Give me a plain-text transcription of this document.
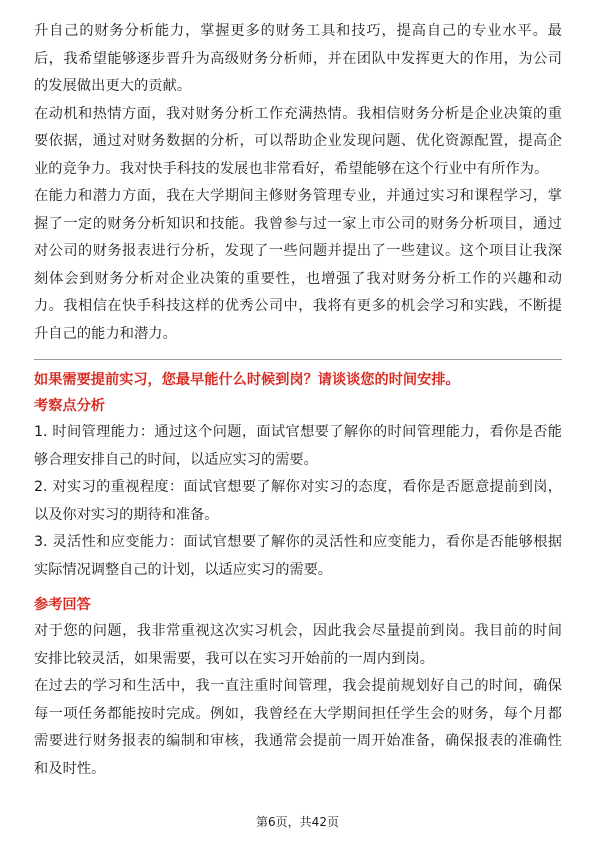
升自己的财务分析能力，掌握更多的财务工具和技巧，提高自己的专业水平。最后，我希望能够逐步晋升为高级财务分析师，并在团队中发挥更大的作用，为公司的发展做出更大的贡献。

在动机和热情方面，我对财务分析工作充满热情。我相信财务分析是企业决策的重要依据，通过对财务数据的分析，可以帮助企业发现问题、优化资源配置，提高企业的竞争力。我对快手科技的发展也非常看好，希望能够在这个行业中有所作为。

在能力和潜力方面，我在大学期间主修财务管理专业，并通过实习和课程学习，掌握了一定的财务分析知识和技能。我曾参与过一家上市公司的财务分析项目，通过对公司的财务报表进行分析，发现了一些问题并提出了一些建议。这个项目让我深刻体会到财务分析对企业决策的重要性，也增强了我对财务分析工作的兴趣和动力。我相信在快手科技这样的优秀公司中，我将有更多的机会学习和实践，不断提升自己的能力和潜力。

如果需要提前实习，您最早能什么时候到岗？请谈谈您的时间安排。

考察点分析

1. 时间管理能力：通过这个问题，面试官想要了解你的时间管理能力，看你是否能够合理安排自己的时间，以适应实习的需要。

2. 对实习的重视程度：面试官想要了解你对实习的态度，看你是否愿意提前到岗，以及你对实习的期待和准备。

3. 灵活性和应变能力：面试官想要了解你的灵活性和应变能力，看你是否能够根据实际情况调整自己的计划，以适应实习的需要。

参考回答

对于您的问题，我非常重视这次实习机会，因此我会尽量提前到岗。我目前的时间安排比较灵活，如果需要，我可以在实习开始前的一周内到岗。

在过去的学习和生活中，我一直注重时间管理，我会提前规划好自己的时间，确保每一项任务都能按时完成。例如，我曾经在大学期间担任学生会的财务，每个月都需要进行财务报表的编制和审核，我通常会提前一周开始准备，确保报表的准确性和及时性。

第6页，共42页
